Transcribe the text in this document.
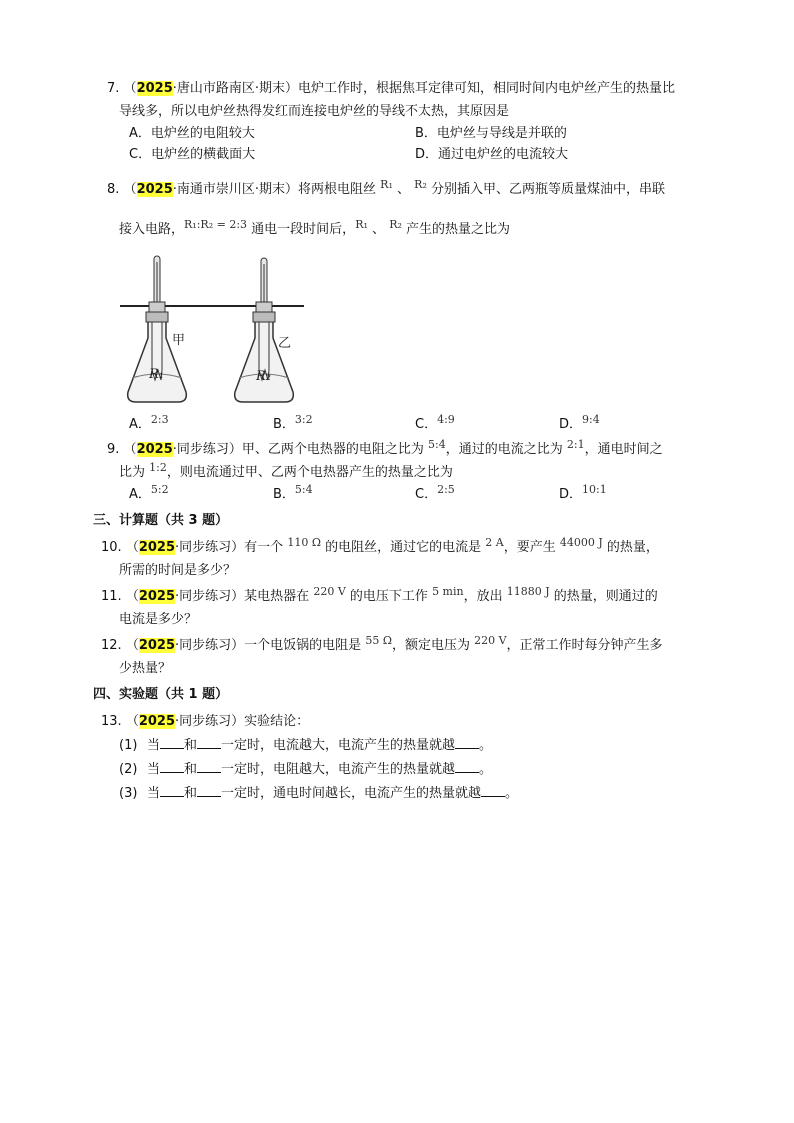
7. （2025·唐山市路南区·期末）电炉工作时，根据焦耳定律可知，相同时间内电炉丝产生的热量比
导线多，所以电炉丝热得发红而连接电炉丝的导线不太热，其原因是
A．电炉丝的电阻较大	B．电炉丝与导线是并联的
C．电炉丝的横截面大	D．通过电炉丝的电流较大
8. （2025·南通市崇川区·期末）将两根电阻丝 $^{R_1}$ 、 $^{R_2}$ 分别插入甲、乙两瓶等质量煤油中，串联
接入电路，$^{R_1:R_2 = 2:3}$ 通电一段时间后，$^{R_1}$ 、 $^{R_2}$ 产生的热量之比为
甲	乙
R₁	R₂
A．$^{2:3}$	B．$^{3:2}$	C．$^{4:9}$	D．$^{9:4}$
9. （2025·同步练习）甲、乙两个电热器的电阻之比为 $^{5:4}$，通过的电流之比为 $^{2:1}$，通电时间之
比为 $^{1:2}$，则电流通过甲、乙两个电热器产生的热量之比为
A．$^{5:2}$	B．$^{5:4}$	C．$^{2:5}$	D．$^{10:1}$
三、计算题（共 3 题）
10. （2025·同步练习）有一个 $^{110 \Omega}$ 的电阻丝，通过它的电流是 $^{2 A}$，要产生 $^{44000 J}$ 的热量，
所需的时间是多少？
11. （2025·同步练习）某电热器在 $^{220 V}$ 的电压下工作 $^{5 min}$，放出 $^{11880 J}$ 的热量，则通过的
电流是多少？
12. （2025·同步练习）一个电饭锅的电阻是 $^{55 \Omega}$，额定电压为 $^{220 V}$，正常工作时每分钟产生多
少热量？
四、实验题（共 1 题）
13. （2025·同步练习）实验结论：
(1) 当 和 一定时，电流越大，电流产生的热量就越 。
(2) 当 和 一定时，电阻越大，电流产生的热量就越 。
(3) 当 和 一定时，通电时间越长，电流产生的热量就越 。
